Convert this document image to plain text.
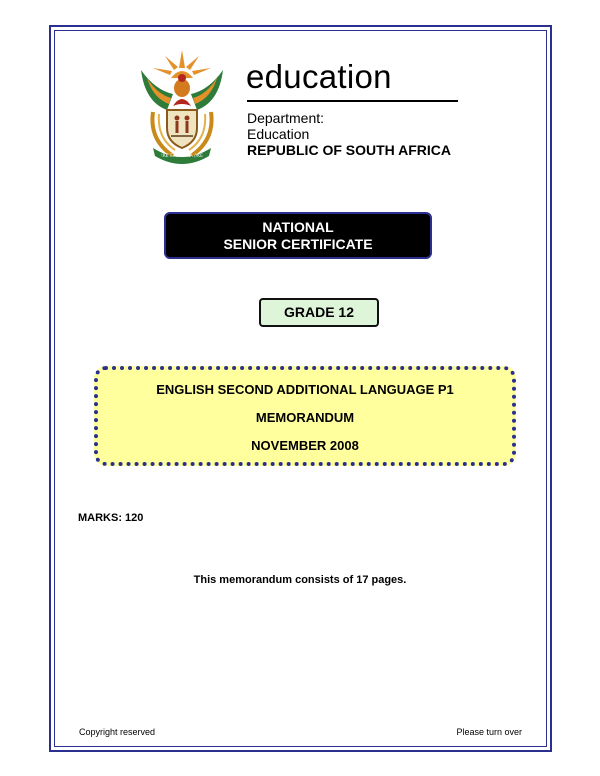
!KE E: /XARRA //KE
education
Department:
Education
REPUBLIC OF SOUTH AFRICA
NATIONAL
SENIOR CERTIFICATE
GRADE 12
ENGLISH SECOND ADDITIONAL LANGUAGE P1
MEMORANDUM
NOVEMBER 2008
MARKS: 120
This memorandum consists of 17 pages.
Copyright reserved	Please turn over
